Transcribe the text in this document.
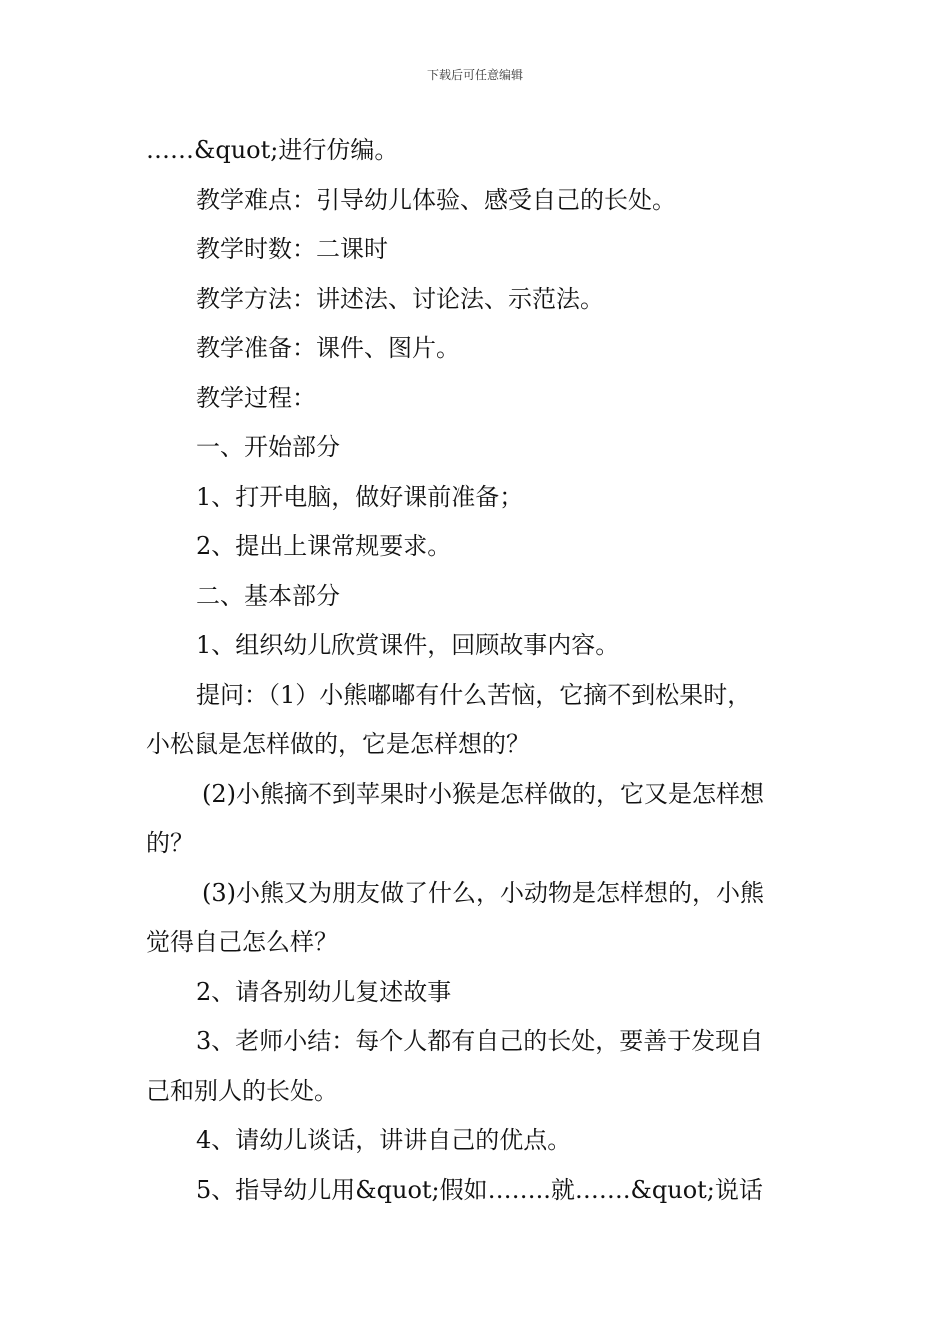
下载后可任意编辑

……&quot;进行仿编。

教学难点：引导幼儿体验、感受自己的长处。

教学时数：二课时

教学方法：讲述法、讨论法、示范法。

教学准备：课件、图片。

教学过程：

一、开始部分

1、打开电脑，做好课前准备；

2、提出上课常规要求。

二、基本部分

1、组织幼儿欣赏课件，回顾故事内容。

提问：（1）小熊嘟嘟有什么苦恼，它摘不到松果时，

小松鼠是怎样做的，它是怎样想的？

(2)小熊摘不到苹果时小猴是怎样做的，它又是怎样想

的？

(3)小熊又为朋友做了什么，小动物是怎样想的，小熊

觉得自己怎么样？

2、请各别幼儿复述故事

3、老师小结：每个人都有自己的长处，要善于发现自

己和别人的长处。

4、请幼儿谈话，讲讲自己的优点。

5、指导幼儿用&quot;假如……..就…….&quot;说话
